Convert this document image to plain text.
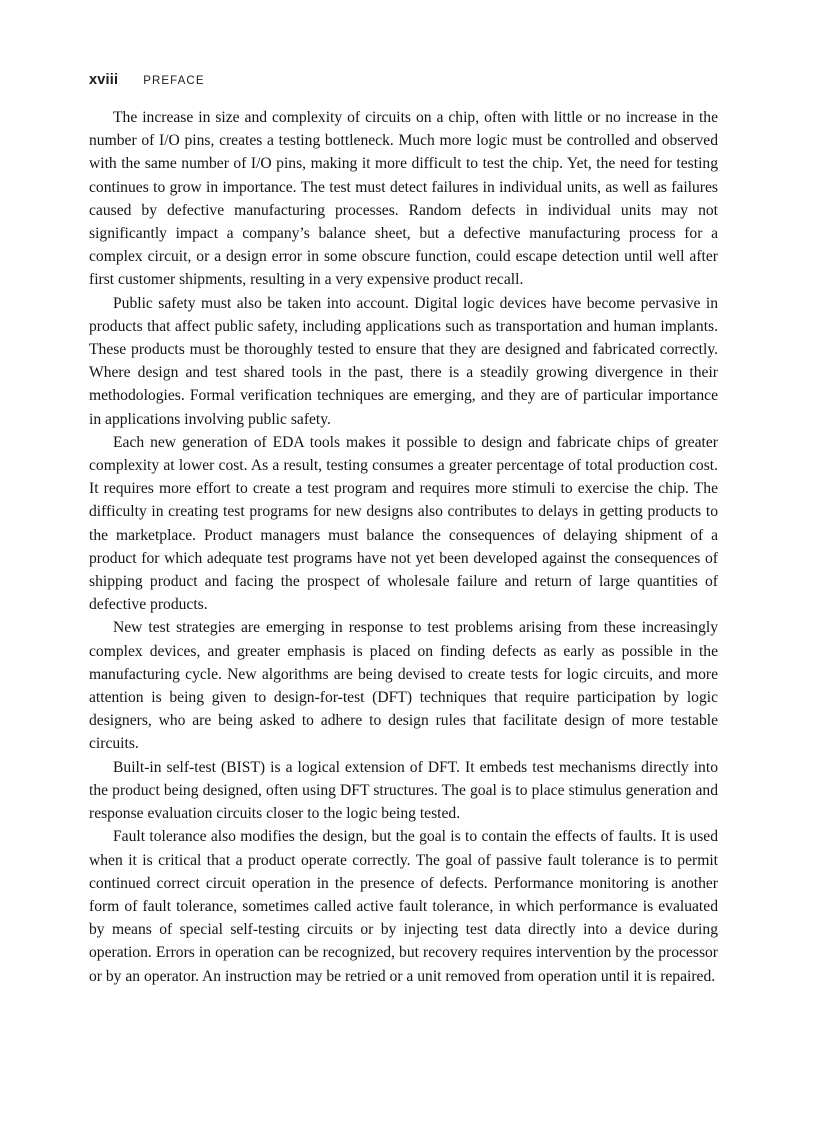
xviii PREFACE

The increase in size and complexity of circuits on a chip, often with little or no increase in the number of I/O pins, creates a testing bottleneck. Much more logic must be controlled and observed with the same number of I/O pins, making it more difficult to test the chip. Yet, the need for testing continues to grow in importance. The test must detect failures in individual units, as well as failures caused by defective manufacturing processes. Random defects in individual units may not significantly impact a company’s balance sheet, but a defective manufacturing process for a complex circuit, or a design error in some obscure function, could escape detection until well after first customer shipments, resulting in a very expensive product recall.

Public safety must also be taken into account. Digital logic devices have become pervasive in products that affect public safety, including applications such as transportation and human implants. These products must be thoroughly tested to ensure that they are designed and fabricated correctly. Where design and test shared tools in the past, there is a steadily growing divergence in their methodologies. Formal verification techniques are emerging, and they are of particular importance in applications involving public safety.

Each new generation of EDA tools makes it possible to design and fabricate chips of greater complexity at lower cost. As a result, testing consumes a greater percentage of total production cost. It requires more effort to create a test program and requires more stimuli to exercise the chip. The difficulty in creating test programs for new designs also contributes to delays in getting products to the marketplace. Product managers must balance the consequences of delaying shipment of a product for which adequate test programs have not yet been developed against the consequences of shipping product and facing the prospect of wholesale failure and return of large quantities of defective products.

New test strategies are emerging in response to test problems arising from these increasingly complex devices, and greater emphasis is placed on finding defects as early as possible in the manufacturing cycle. New algorithms are being devised to create tests for logic circuits, and more attention is being given to design-for-test (DFT) techniques that require participation by logic designers, who are being asked to adhere to design rules that facilitate design of more testable circuits.

Built-in self-test (BIST) is a logical extension of DFT. It embeds test mechanisms directly into the product being designed, often using DFT structures. The goal is to place stimulus generation and response evaluation circuits closer to the logic being tested.

Fault tolerance also modifies the design, but the goal is to contain the effects of faults. It is used when it is critical that a product operate correctly. The goal of passive fault tolerance is to permit continued correct circuit operation in the presence of defects. Performance monitoring is another form of fault tolerance, sometimes called active fault tolerance, in which performance is evaluated by means of special self-testing circuits or by injecting test data directly into a device during operation. Errors in operation can be recognized, but recovery requires intervention by the processor or by an operator. An instruction may be retried or a unit removed from operation until it is repaired.
